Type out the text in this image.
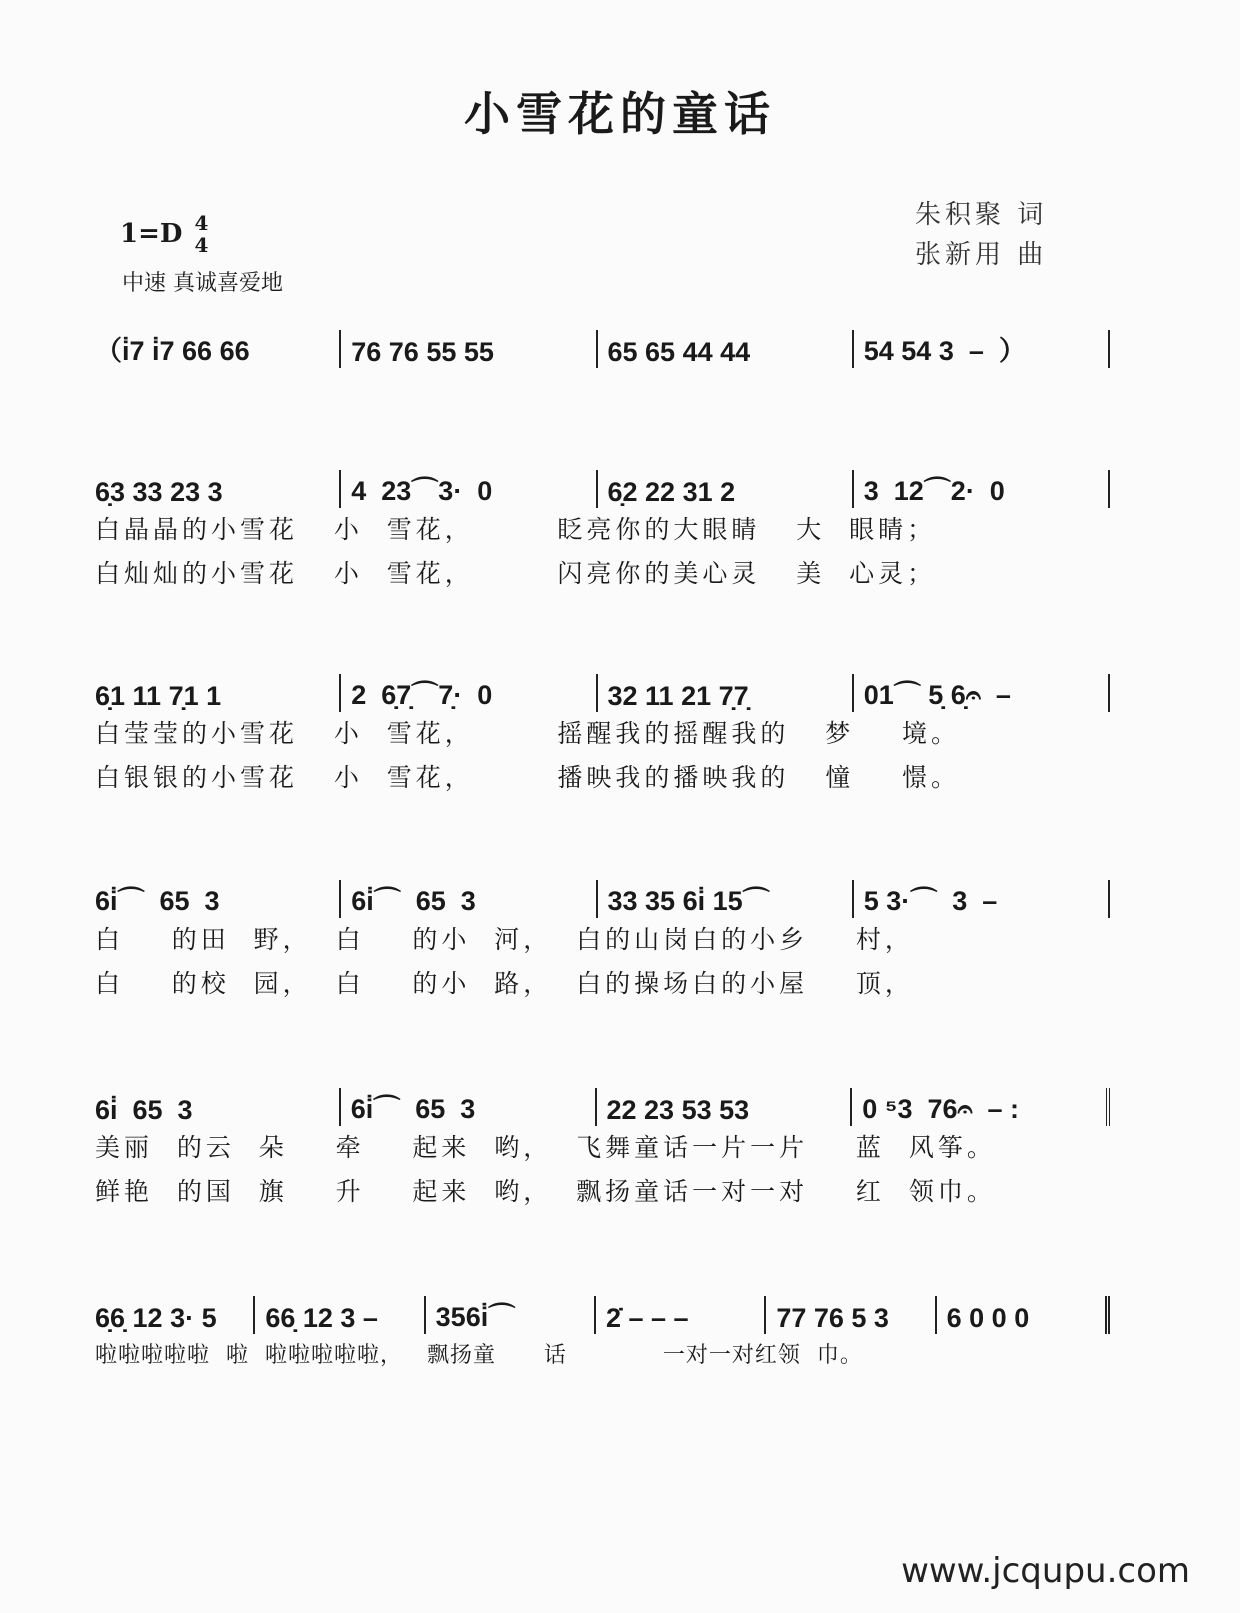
小雪花的童话
1=D 4
4
中速 真诚喜爱地
朱积聚 词
张新用 曲
（i̇7 i̇7 66 66	76 76 55 55	65 65 44 44	54 54 3  –  ）
6̣3 33 23 3	4  23⌒3·  0	6̣2 22 31 2	3  12⌒2·  0
白晶晶的小雪花   小  雪花，       眨亮你的大眼睛   大  眼睛；
白灿灿的小雪花   小  雪花，       闪亮你的美心灵   美  心灵；
6̣1 11 7̣1 1	2  6̣7̣⌒7̣·  0	32 11 21 7̣7̣	01⌒ 5̣ 6̣𝄐  –
白莹莹的小雪花   小  雪花，       摇醒我的摇醒我的   梦    境。
白银银的小雪花   小  雪花，       播映我的播映我的   憧    憬。
6i̇⌒  65  3	6i̇⌒  65  3	33 35 6i̇ 15⌒	5 3·⌒  3  –
白    的田  野，  白    的小  河，  白的山岗白的小乡    村，
白    的校  园，  白    的小  路，  白的操场白的小屋    顶，
6i̇  65  3	6i̇⌒  65  3	22 23 53 53	0 ⁵3  76𝄐  – :
美丽  的云  朵    牵    起来  哟，  飞舞童话一片一片    蓝  风筝。
鲜艳  的国  旗    升    起来  哟，  飘扬童话一对一对    红  领巾。
6̣6̣ 12 3· 5	66̣ 12 3 –	356i̇⌒	2̇ – – –	77 76 5 3	6 0 0 0
啦啦啦啦啦  啦  啦啦啦啦啦，   飘扬童      话            一对一对红领  巾。
www.jcqupu.com
